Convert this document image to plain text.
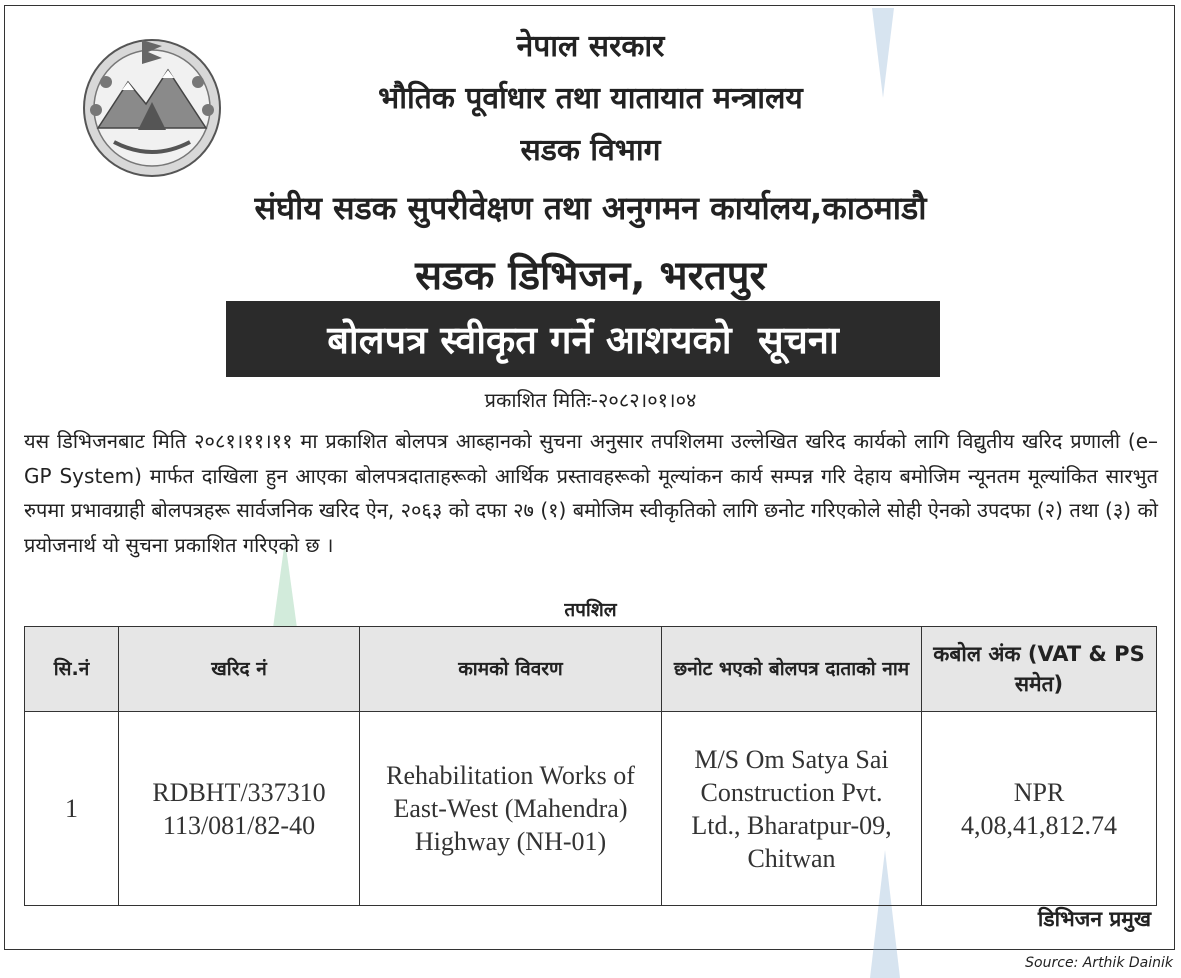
नेपाल सरकार
भौतिक पूर्वाधार तथा यातायात मन्त्रालय
सडक विभाग
संघीय सडक सुपरीवेक्षण तथा अनुगमन कार्यालय,काठमाडौ
सडक डिभिजन, भरतपुर
बोलपत्र स्वीकृत गर्ने आशयको  सूचना
प्रकाशित मितिः-२०८२।०१।०४
यस डिभिजनबाट मिति २०८१।११।११ मा प्रकाशित बोलपत्र आब्हानको सुचना अनुसार तपशिलमा उल्लेखित खरिद कार्यको लागि विद्युतीय खरिद प्रणाली (e–GP System) मार्फत दाखिला हुन आएका बोलपत्रदाताहरूको आर्थिक प्रस्तावहरूको मूल्यांकन कार्य सम्पन्न गरि देहाय बमोजिम न्यूनतम मूल्यांकित सारभुत रुपमा प्रभावग्राही बोलपत्रहरू सार्वजनिक खरिद ऐन, २०६३ को दफा २७ (१) बमोजिम स्वीकृतिको लागि छनोट गरिएकोले सोही ऐनको उपदफा (२) तथा (३) को प्रयोजनार्थ यो सुचना प्रकाशित गरिएको छ ।
तपशिल
सि.नं	खरिद नं	कामको विवरण	छनोट भएको बोलपत्र दाताको नाम	कबोल अंक (VAT & PS समेत)
1	RDBHT/337310 113/081/82-40	Rehabilitation Works of East-West (Mahendra) Highway (NH-01)	M/S Om Satya Sai Construction Pvt. Ltd., Bharatpur-09, Chitwan	NPR 4,08,41,812.74
डिभिजन प्रमुख
Source: Arthik Dainik
